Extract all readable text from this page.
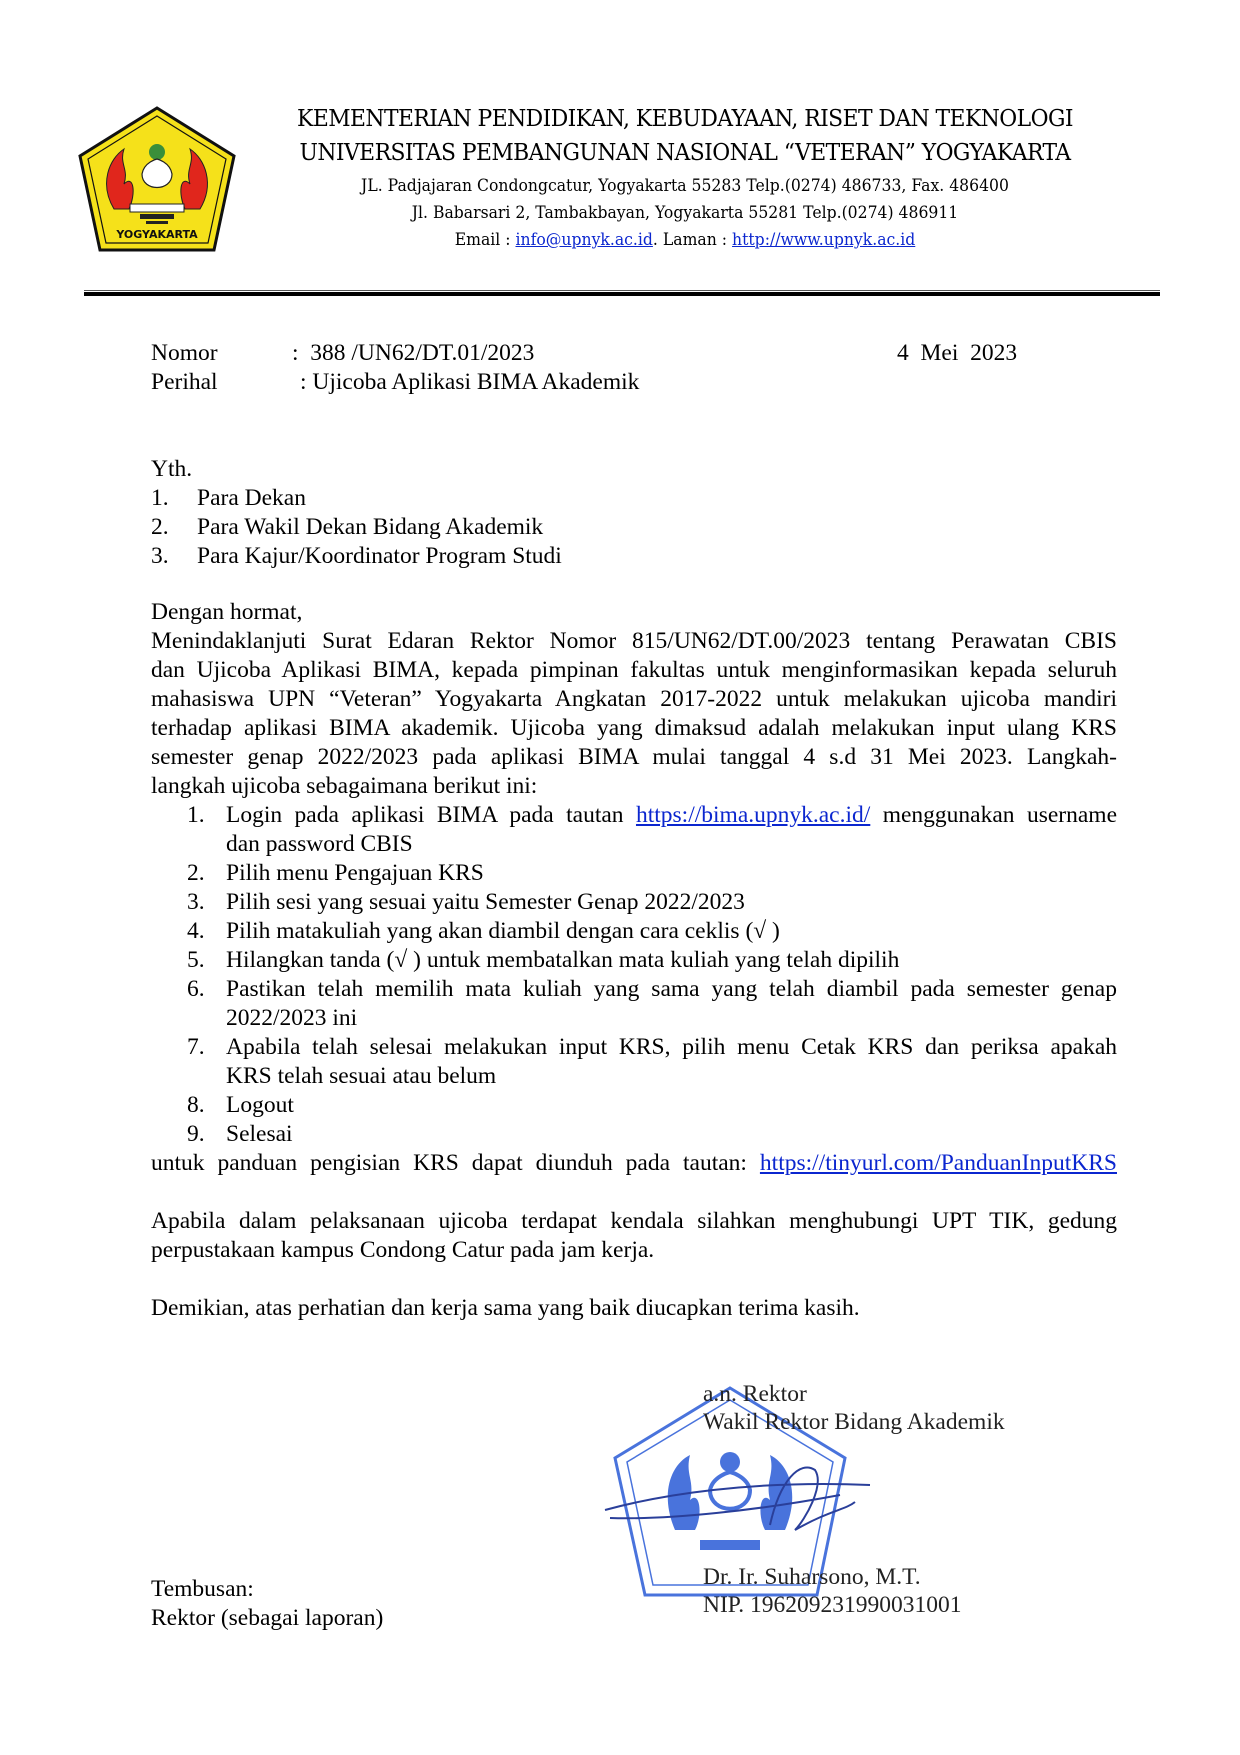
YOGYAKARTA
KEMENTERIAN PENDIDIKAN, KEBUDAYAAN, RISET DAN TEKNOLOGI
UNIVERSITAS PEMBANGUNAN NASIONAL “VETERAN” YOGYAKARTA
JL. Padjajaran Condongcatur, Yogyakarta 55283 Telp.(0274) 486733, Fax. 486400
Jl. Babarsari 2, Tambakbayan, Yogyakarta 55281 Telp.(0274) 486911
Email : info@upnyk.ac.id. Laman : http://www.upnyk.ac.id
Nomor	:  388 /UN62/DT.01/2023	4  Mei  2023
Perihal	: Ujicoba Aplikasi BIMA Akademik
Yth.
1. Para Dekan
2. Para Wakil Dekan Bidang Akademik
3. Para Kajur/Koordinator Program Studi
Dengan hormat,
Menindaklanjuti Surat Edaran Rektor Nomor 815/UN62/DT.00/2023 tentang Perawatan CBIS
dan Ujicoba Aplikasi BIMA, kepada pimpinan fakultas untuk menginformasikan kepada seluruh
mahasiswa UPN “Veteran” Yogyakarta Angkatan 2017-2022 untuk melakukan ujicoba mandiri
terhadap aplikasi BIMA akademik. Ujicoba yang dimaksud adalah melakukan input ulang KRS
semester genap 2022/2023 pada aplikasi BIMA mulai tanggal 4 s.d 31 Mei 2023. Langkah-
langkah ujicoba sebagaimana berikut ini:
1. Login pada aplikasi BIMA pada tautan https://bima.upnyk.ac.id/ menggunakan username
dan password CBIS
2. Pilih menu Pengajuan KRS
3. Pilih sesi yang sesuai yaitu Semester Genap 2022/2023
4. Pilih matakuliah yang akan diambil dengan cara ceklis (√ )
5. Hilangkan tanda (√ ) untuk membatalkan mata kuliah yang telah dipilih
6. Pastikan telah memilih mata kuliah yang sama yang telah diambil pada semester genap
2022/2023 ini
7. Apabila telah selesai melakukan input KRS, pilih menu Cetak KRS dan periksa apakah
KRS telah sesuai atau belum
8. Logout
9. Selesai
untuk panduan pengisian KRS dapat diunduh pada tautan: https://tinyurl.com/PanduanInputKRS
Apabila dalam pelaksanaan ujicoba terdapat kendala silahkan menghubungi UPT TIK, gedung
perpustakaan kampus Condong Catur pada jam kerja.
Demikian, atas perhatian dan kerja sama yang baik diucapkan terima kasih.
a.n. Rektor
Wakil Rektor Bidang Akademik
Dr. Ir. Suharsono, M.T.
NIP. 196209231990031001
Tembusan:
Rektor (sebagai laporan)
